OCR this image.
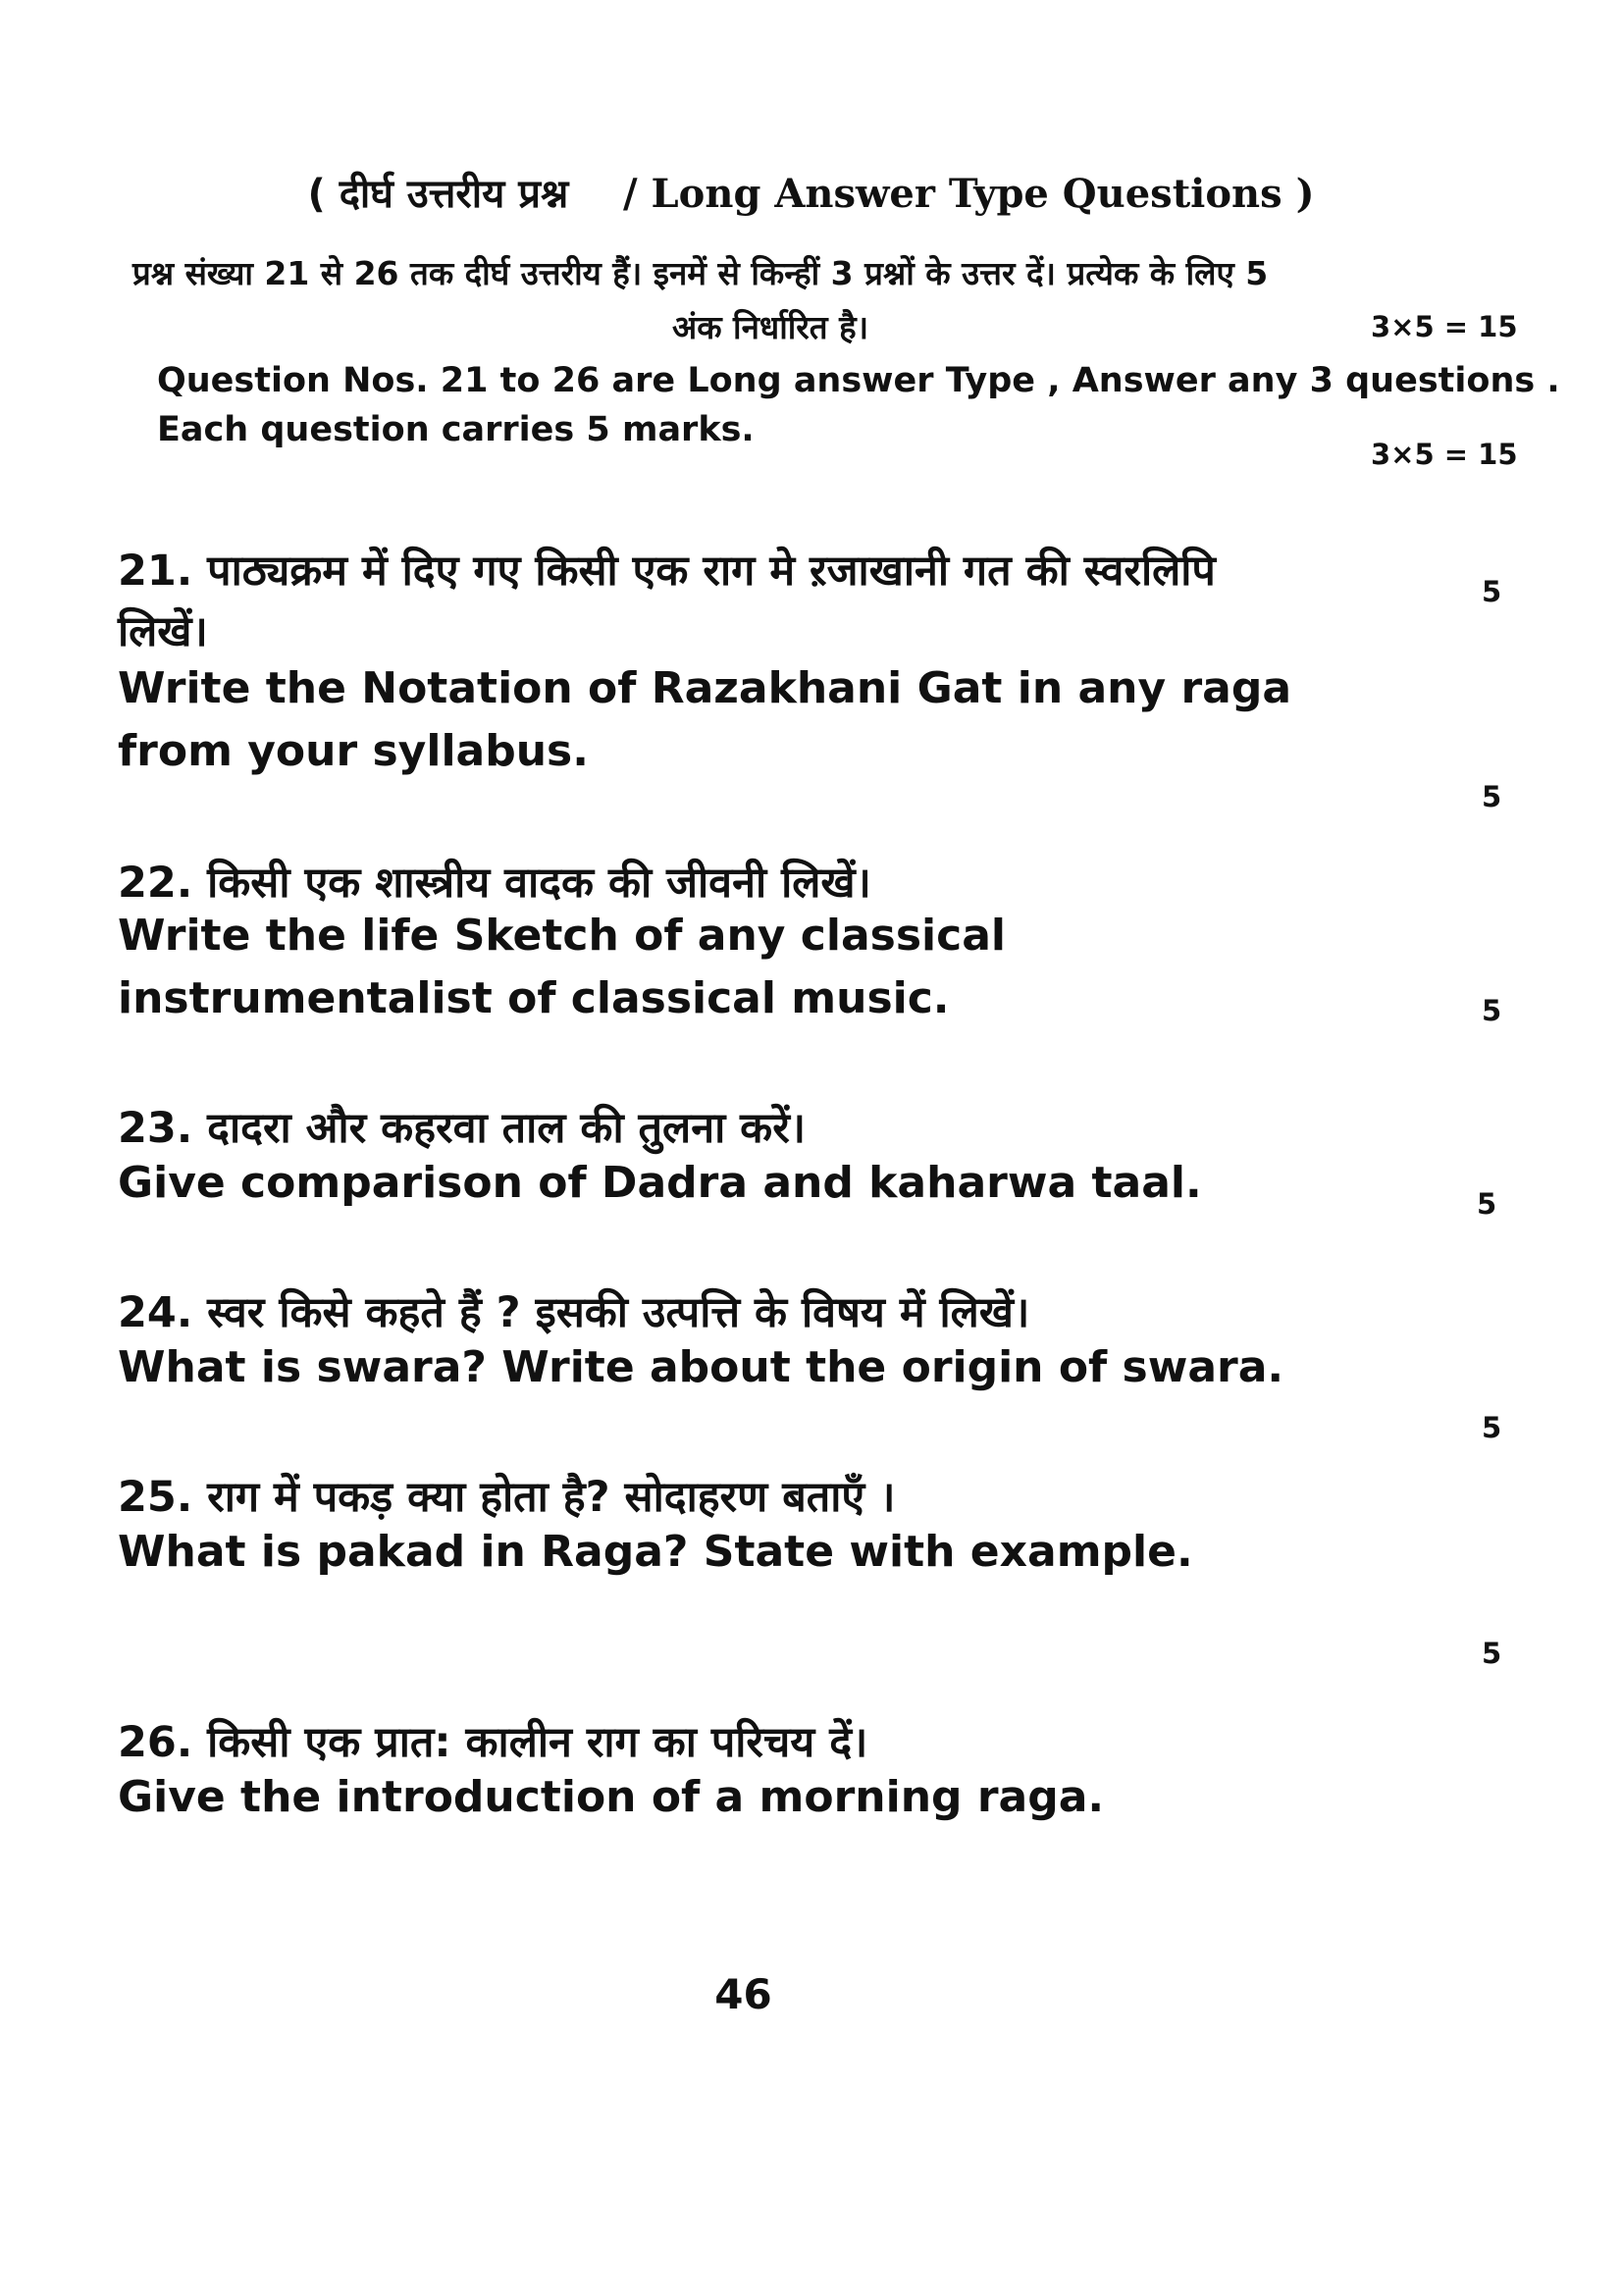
( दीर्घ उत्तरीय प्रश्न / Long Answer Type Questions )
प्रश्न संख्या 21 से 26 तक दीर्घ उत्तरीय हैं। इनमें से किन्हीं 3 प्रश्नों के उत्तर दें। प्रत्येक के लिए 5
अंक निर्धारित है।	3×5 = 15
Question Nos. 21 to 26 are Long answer Type , Answer any 3 questions .
Each question carries 5 marks.
3×5 = 15
21. पाठ्यक्रम में दिए गए किसी एक राग मे ऱजाखानी गत की स्वरलिपि
लिखें।
5
Write the Notation of Razakhani Gat in any raga from your syllabus.
5
22. किसी एक शास्त्रीय वादक की जीवनी लिखें।
Write the life Sketch of any classical instrumentalist of classical music.	5
23. दादरा और कहरवा ताल की तुलना करें।
Give comparison of Dadra and kaharwa taal.	5
24. स्वर किसे कहते हैं ? इसकी उत्पत्ति के विषय में लिखें।
What is swara? Write about the origin of swara.
5
25. राग में पकड़ क्या होता है? सोदाहरण बताएँ ।
What is pakad in Raga? State with example.
5
26. किसी एक प्रात: कालीन राग का परिचय दें।
Give the introduction of a morning raga.
46
